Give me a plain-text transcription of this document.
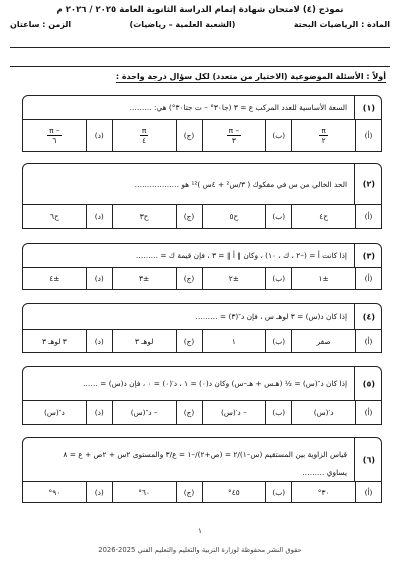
نموذج (٤) لامتحان شهادة إتمام الدراسة الثانوية العامة ٢٠٢٥ / ٢٠٢٦ م
المادة : الرياضيات البحتة
(الشعبة العلمية – رياضيات)
الزمن : ساعتان
أولاً : الأسئلة الموضوعية (الاختيار من متعدد) لكل سؤال درجة واحدة :
(١)
السعة الأساسية للعدد المركب ع = ٣ (جا٣٠° – ت جتا٣٠°) هي: ………
(أ)
$\frac{\pi}{٢}$
(ب)
$\frac{- \pi}{٣}$
(ج)
$\frac{\pi}{٤}$
(د)
$\frac{- \pi}{٦}$
(٢)
الحد الخالي من س في مفكوك ( ٣/س² + ٤س )¹² هو ………………
(أ)
ح٤
(ب)
ح٥
(ج)
ح٣
(د)
ح٦
(٣)
إذا كانت أ = (–٢ ، ك ، ١٠) ، وكان ‖ أ ‖ = ٣ ، فإن قيمة ك = ………
(أ)
±١
(ب)
±٢
(ج)
±٣
(د)
±٤
(٤)
إذا كان د(س) = ٣ لوهـ س ، فإن د″(٣) = ………
(أ)
صفر
(ب)
١
(ج)
لوهـ ٣
(د)
٣ لوهـ ٣
(٥)
إذا كان د″(س) = ½ (هـس + هـ–س) وكان د(٠) = ١ ، د′(٠) = ٠ ، فإن د(س) = ……
(أ)
د′(س)
(ب)
– د′(س)
(ج)
– د″(س)
(د)
د″(س)
(٦)
قياس الزاوية بين المستقيم (س–١)/٢ = (ص+٢)/–١ = ع/٣ والمستوى ٢س + ٢ص + ع = ٨
يساوي ………
(أ)
٣٠°
(ب)
٤٥°
(ج)
٦٠°
(د)
٩٠°
١
حقوق النشر محفوظة لوزارة التربية والتعليم والتعليم الفني 2025-2026
